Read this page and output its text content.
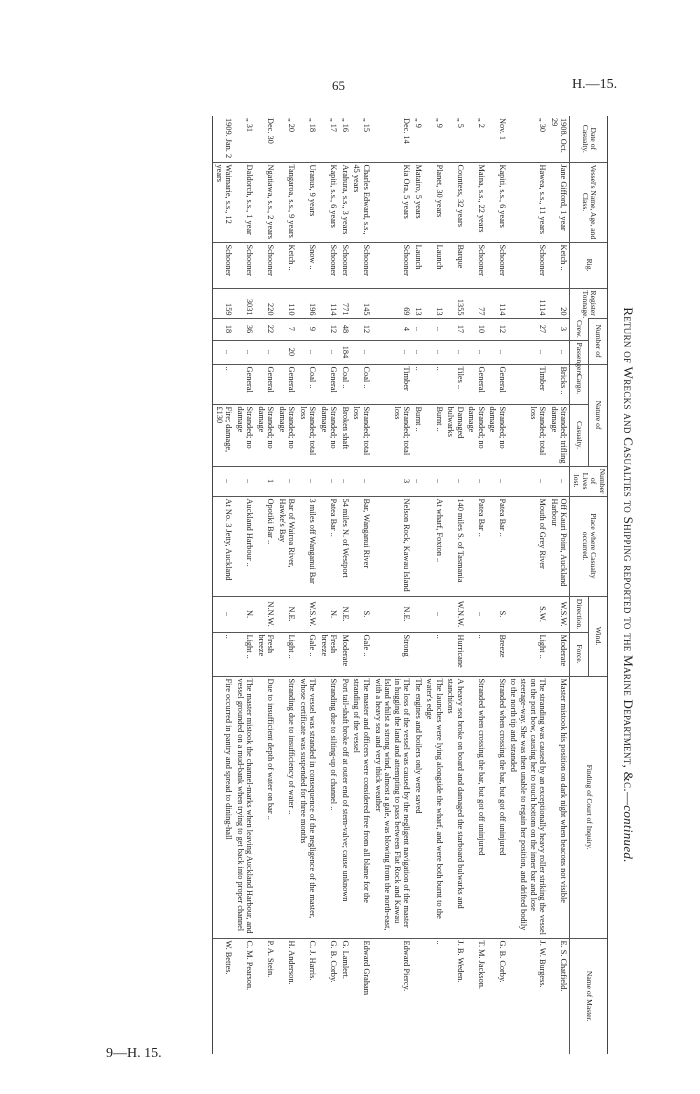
65	H.—15.
9—H. 15.
Return of Wrecks and Casualties to Shipping reported to the Marine Department, &c.—continued.
Date of Casualty.	Vessel's Name, Age, and Class.	Rig.	Register Tonnage.	Number of		Nature of		Number of Lives lost.	Place where Casualty occurred.	Wind.		Finding of Court of Inquiry.	Name of Master.
				Crew.	Passengers.	Cargo.	Casualty.			Direction.	Force.		
1908. Oct. 29	Jane Gifford, 1 year	Ketch ..	20	3	..	Bricks ..	Stranded; trifling damage	..	Off Kauri Point, Auckland Harbour	W.S.W.	Moderate	Master mistook his position on dark night when beacons not visible	E. S. Chatfield.
„ 30	Hawea, s.s., 11 years	Schooner	1114	27	..	Timber	Stranded; total loss	..	Mouth of Grey River	S.W.	Light ..	The stranding was caused by an exceptionally heavy roller striking the vessel on the port bow, causing her to touch bottom on the inner bar and lose steerage-way. She was then unable to regain her position, and drifted bodily to the north tip and stranded	J. W. Burgess.
Nov. 1	Kapiti, s.s., 6 years	Schooner	114	12	..	General	Stranded; no damage	..	Patea Bar ..	S.	Breeze	Stranded when crossing the bar, but got off uninjured	G. B. Corby.
„ 2	Maina, s.s., 22 years	Schooner	77	10	..	General	Stranded; no damage	..	Patea Bar ..	..	..	Stranded when crossing the bar, but got off uninjured	T. M. Jackson.
„ 5	Countess, 32 years	Barque	1355	17	..	Tiles ..	Damaged bulwarks	..	140 miles S. of Tasmania	W.N.W.	Hurricane	A heavy sea broke on board and damaged the starboard bulwarks and stanchions	J. B. Weden.
„ 9	Planet, 30 years	Launch	13	..	..	..	Burnt ..	..	At wharf, Foxton ..	..	..	The launches were lying alongside the wharf, and were both burnt to the water's edge	..
„ 9	Matairo, 5 years	Launch	13	..	..	..	Burnt ..	..				The engines and boilers only were saved	
Dec. 14	Kia Ora, 5 years	Schooner	69	4	..	Timber	Stranded; total loss	3	Nelson Rock, Kawau Island	N.E.	Strong	The loss of the vessel was caused by the negligent navigation of the master in hugging the land and attempting to pass between Flat Rock and Kawau Island whilst a strong wind, almost a gale, was blowing from the north-east, with a heavy sea and very thick weather	Edward Piercy.
„ 15	Charles Edward, s.s., 45 years	Schooner	145	12	..	Coal ..	Stranded; total loss	..	Bar, Wanganui River	S.	Gale ..	The master and officers were considered free from all blame for the stranding of the vessel	Edward Graham
„ 16	Arahura, s.s., 3 years	Schooner	771	48	184	Coal ..	Broken shaft	..	54 miles N. of Westport	N.E.	Moderate	Port tail-shaft broke off at outer end of stern-valve; cause unknown	G. Lamlert.
„ 17	Kapiti, s.s., 6 years	Schooner	114	12	..	General	Stranded; no damage	..	Patea Bar ..	N.	Fresh breeze	Stranding due to silting-up of channel ..	G. B. Corby.
„ 18	Uranus, 9 years	Snow ..	196	9	..	Coal ..	Stranded; total loss	..	3 miles off Wanganui Bar	W.S.W.	Gale ..	The vessel was stranded in consequence of the negligence of the master, whose certificate was suspended for three months	C. J. Harris.
„ 20	Tangaroa, s.s., 9 years	Ketch ..	110	7	20	General	Stranded; no damage	..	Bar of Wairoa River, Hawke's Bay	N.E.	Light ..	Stranding due to insufficiency of water ..	H. Anderson.
Dec. 30	Ngatiawa, s.s., 2 years	Schooner	220	22	..	General	Stranded; no damage	1	Opotiki Bar ..	N.N.W.	Fresh breeze	Due to insufficient depth of water on bar ..	P. A. Stein.
„ 31	Daldorch, s.s., 1 year	Schooner	3031	36	..	General	Stranded; no damage	..	Auckland Harbour ..	N.	Light ..	The master mistook the channel-marks when leaving Auckland Harbour, and vessel grounded on a mud-bank when trying to get back into proper channel	C. M. Pearson.
1909. Jan. 2	Waimarie, s.s., 12 years	Schooner	159	18	..	..	Fire; damage, £130	..	At No. 3 Jetty, Auckland	..	..	Fire occurred in pantry and spread to dining-hall	W. Bettes.
